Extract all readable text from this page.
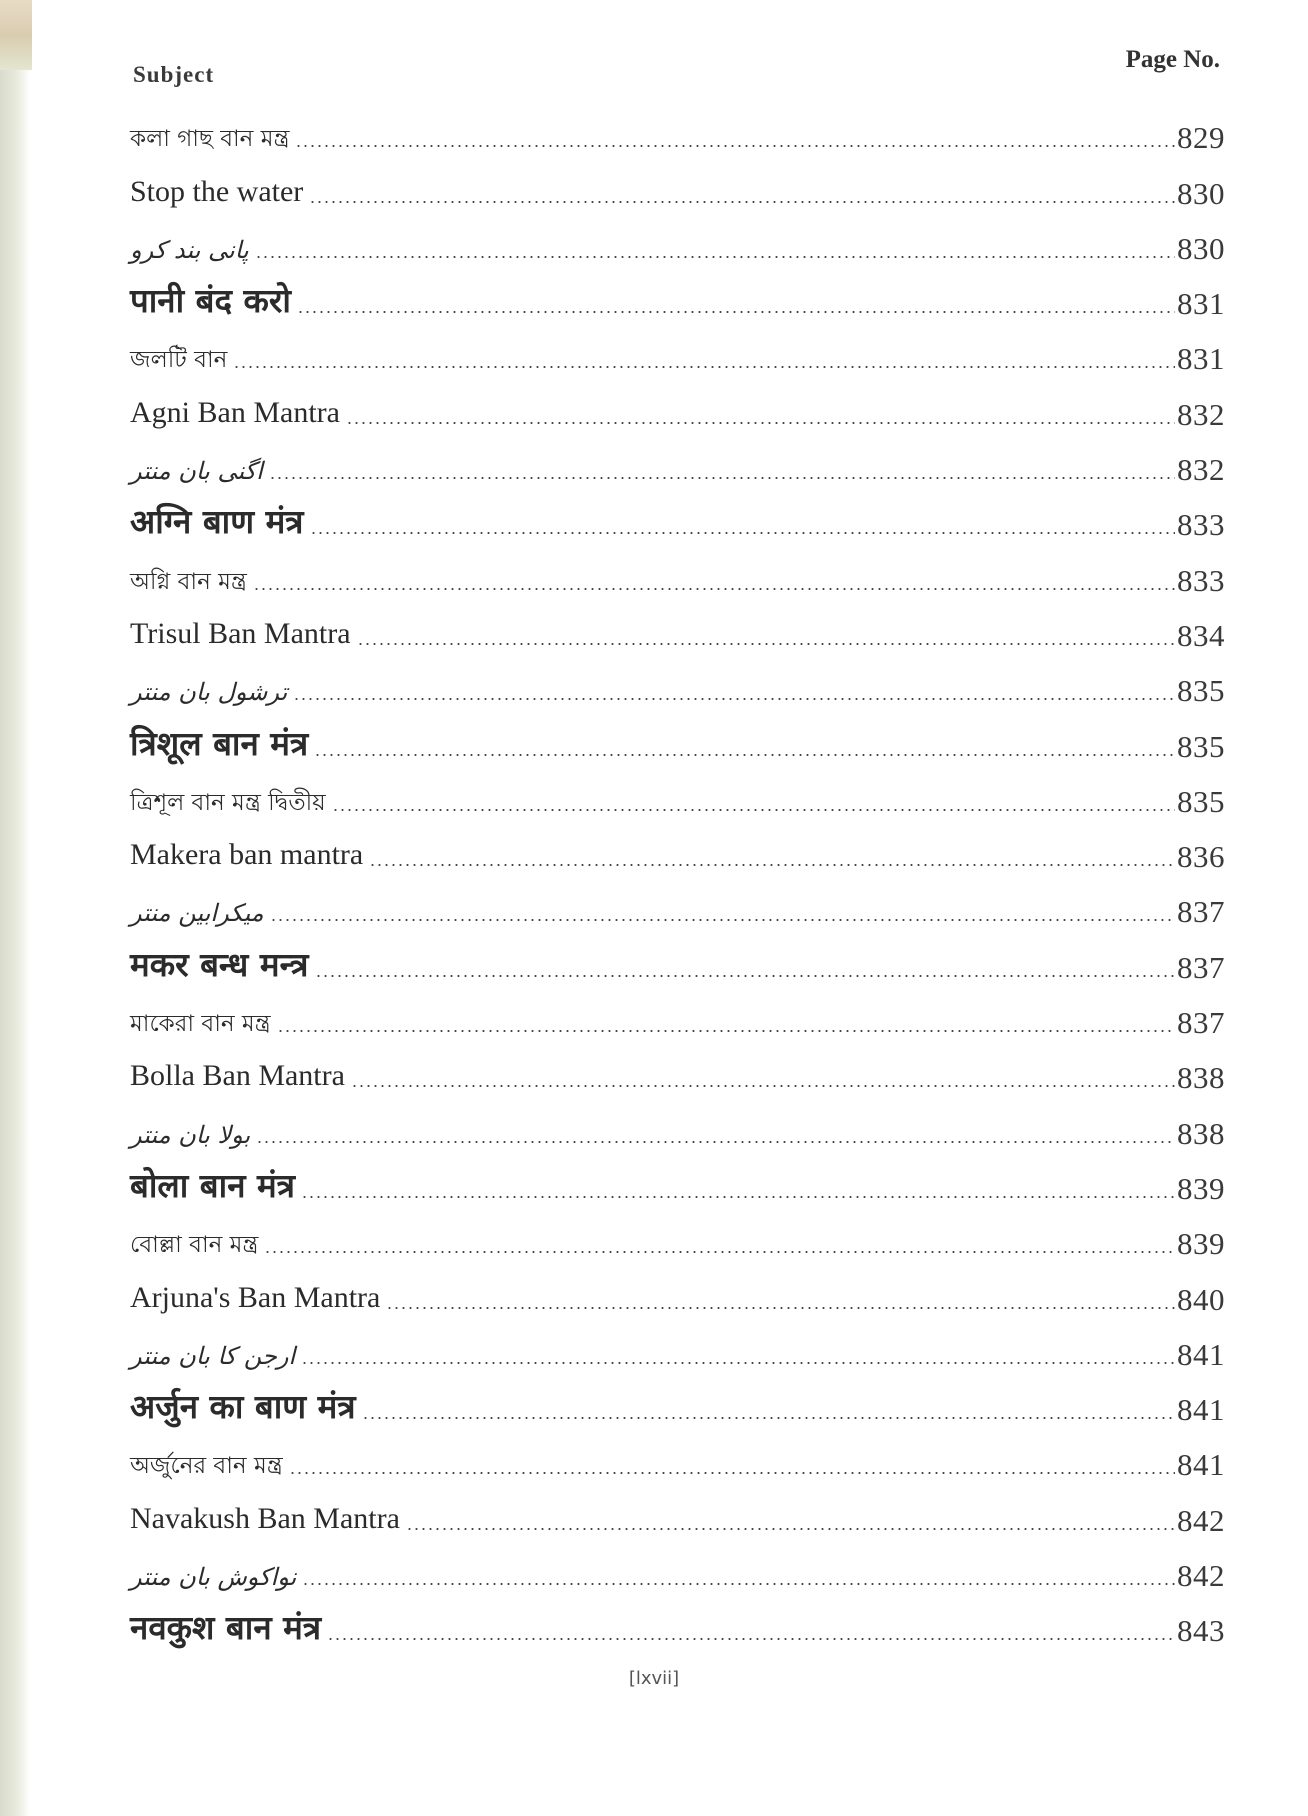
Subject
Page No.
কলা গাছ বান মন্ত্র	829
Stop the water	830
پانی بند کرو	830
पानी बंद करो	831
জলটি বান	831
Agni Ban Mantra	832
اگنی بان منتر	832
अग्नि बाण मंत्र	833
অগ্নি বান মন্ত্র	833
Trisul Ban Mantra	834
ترشول بان منتر	835
त्रिशूल बान मंत्र	835
ত্রিশূল বান মন্ত্র দ্বিতীয়	835
Makera ban mantra	836
میکرابین منتر	837
मकर बन्ध मन्त्र	837
মাকেরা বান মন্ত্র	837
Bolla Ban Mantra	838
بولا بان منتر	838
बोला बान मंत्र	839
বোল্লা বান মন্ত্র	839
Arjuna's Ban Mantra	840
ارجن کا بان منتر	841
अर्जुन का बाण मंत्र	841
অর্জুনের বান মন্ত্র	841
Navakush Ban Mantra	842
نواکوش بان منتر	842
नवकुश बान मंत्र	843
[lxvii]
